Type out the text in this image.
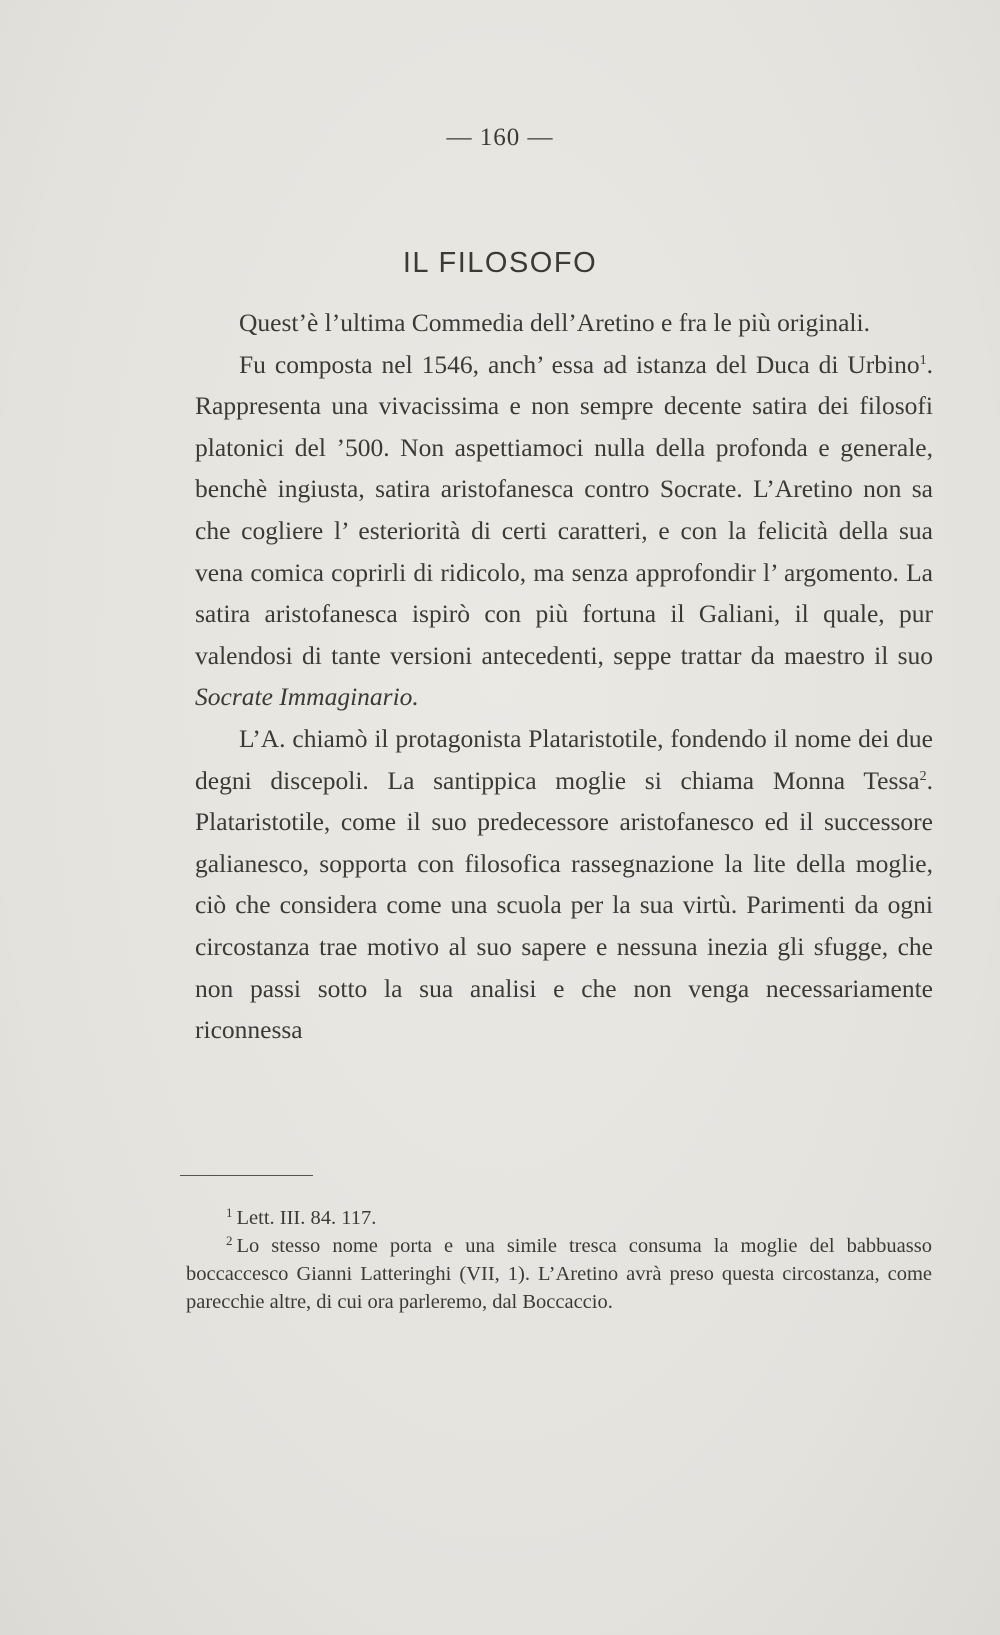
— 160 —
IL FILOSOFO

Quest’è l’ultima Commedia dell’Aretino e fra le più originali.

Fu composta nel 1546, anch’ essa ad istanza del Duca di Urbino$^1$. Rappresenta una vivacissima e non sempre decente satira dei filosofi platonici del ’500. Non aspettiamoci nulla della profonda e generale, benchè ingiusta, satira aristofanesca contro Socrate. L’Aretino non sa che cogliere l’ esteriorità di certi caratteri, e con la felicità della sua vena comica coprirli di ridicolo, ma senza approfondir l’ argomento. La satira aristofanesca ispirò con più fortuna il Galiani, il quale, pur valendosi di tante versioni antecedenti, seppe trattar da maestro il suo Socrate Immaginario.

L’A. chiamò il protagonista Plataristotile, fondendo il nome dei due degni discepoli. La santippica moglie si chiama Monna Tessa$^2$. Plataristotile, come il suo predecessore aristofanesco ed il successore galianesco, sopporta con filosofica rassegnazione la lite della moglie, ciò che considera come una scuola per la sua virtù. Parimenti da ogni circostanza trae motivo al suo sapere e nessuna inezia gli sfugge, che non passi sotto la sua analisi e che non venga necessariamente riconnessa

$^1$ Lett. III. 84. 117.

$^2$ Lo stesso nome porta e una simile tresca consuma la moglie del babbuasso boccaccesco Gianni Latteringhi (VII, 1). L’Aretino avrà preso questa circostanza, come parecchie altre, di cui ora parleremo, dal Boccaccio.
